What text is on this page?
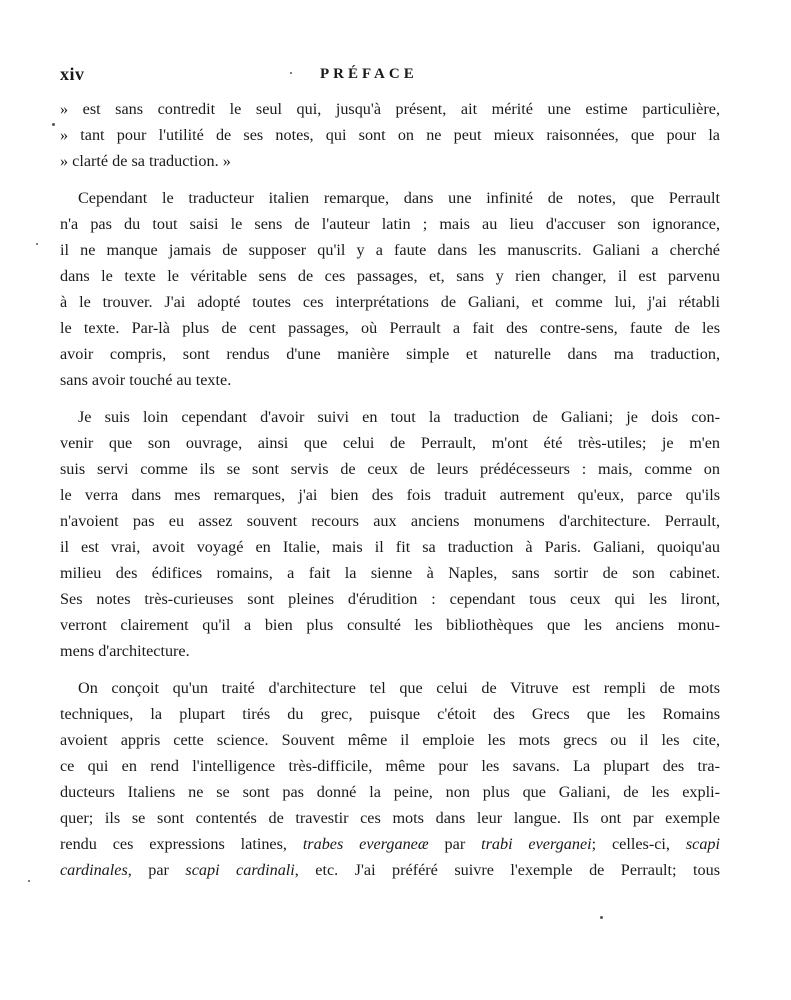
xiv	PRÉFACE
» est sans contredit le seul qui, jusqu'à présent, ait mérité une estime particulière,
» tant pour l'utilité de ses notes, qui sont on ne peut mieux raisonnées, que pour la
» clarté de sa traduction. »
Cependant le traducteur italien remarque, dans une infinité de notes, que Perrault
n'a pas du tout saisi le sens de l'auteur latin ; mais au lieu d'accuser son ignorance,
il ne manque jamais de supposer qu'il y a faute dans les manuscrits. Galiani a cherché
dans le texte le véritable sens de ces passages, et, sans y rien changer, il est parvenu
à le trouver. J'ai adopté toutes ces interprétations de Galiani, et comme lui, j'ai rétabli
le texte. Par-là plus de cent passages, où Perrault a fait des contre-sens, faute de les
avoir compris, sont rendus d'une manière simple et naturelle dans ma traduction,
sans avoir touché au texte.
Je suis loin cependant d'avoir suivi en tout la traduction de Galiani; je dois con-
venir que son ouvrage, ainsi que celui de Perrault, m'ont été très-utiles; je m'en
suis servi comme ils se sont servis de ceux de leurs prédécesseurs : mais, comme on
le verra dans mes remarques, j'ai bien des fois traduit autrement qu'eux, parce qu'ils
n'avoient pas eu assez souvent recours aux anciens monumens d'architecture. Perrault,
il est vrai, avoit voyagé en Italie, mais il fit sa traduction à Paris. Galiani, quoiqu'au
milieu des édifices romains, a fait la sienne à Naples, sans sortir de son cabinet.
Ses notes très-curieuses sont pleines d'érudition : cependant tous ceux qui les liront,
verront clairement qu'il a bien plus consulté les bibliothèques que les anciens monu-
mens d'architecture.
On conçoit qu'un traité d'architecture tel que celui de Vitruve est rempli de mots
techniques, la plupart tirés du grec, puisque c'étoit des Grecs que les Romains
avoient appris cette science. Souvent même il emploie les mots grecs ou il les cite,
ce qui en rend l'intelligence très-difficile, même pour les savans. La plupart des tra-
ducteurs Italiens ne se sont pas donné la peine, non plus que Galiani, de les expli-
quer; ils se sont contentés de travestir ces mots dans leur langue. Ils ont par exemple
rendu ces expressions latines, trabes everganeæ par trabi everganei; celles-ci, scapi
cardinales, par scapi cardinali, etc. J'ai préféré suivre l'exemple de Perrault; tous
